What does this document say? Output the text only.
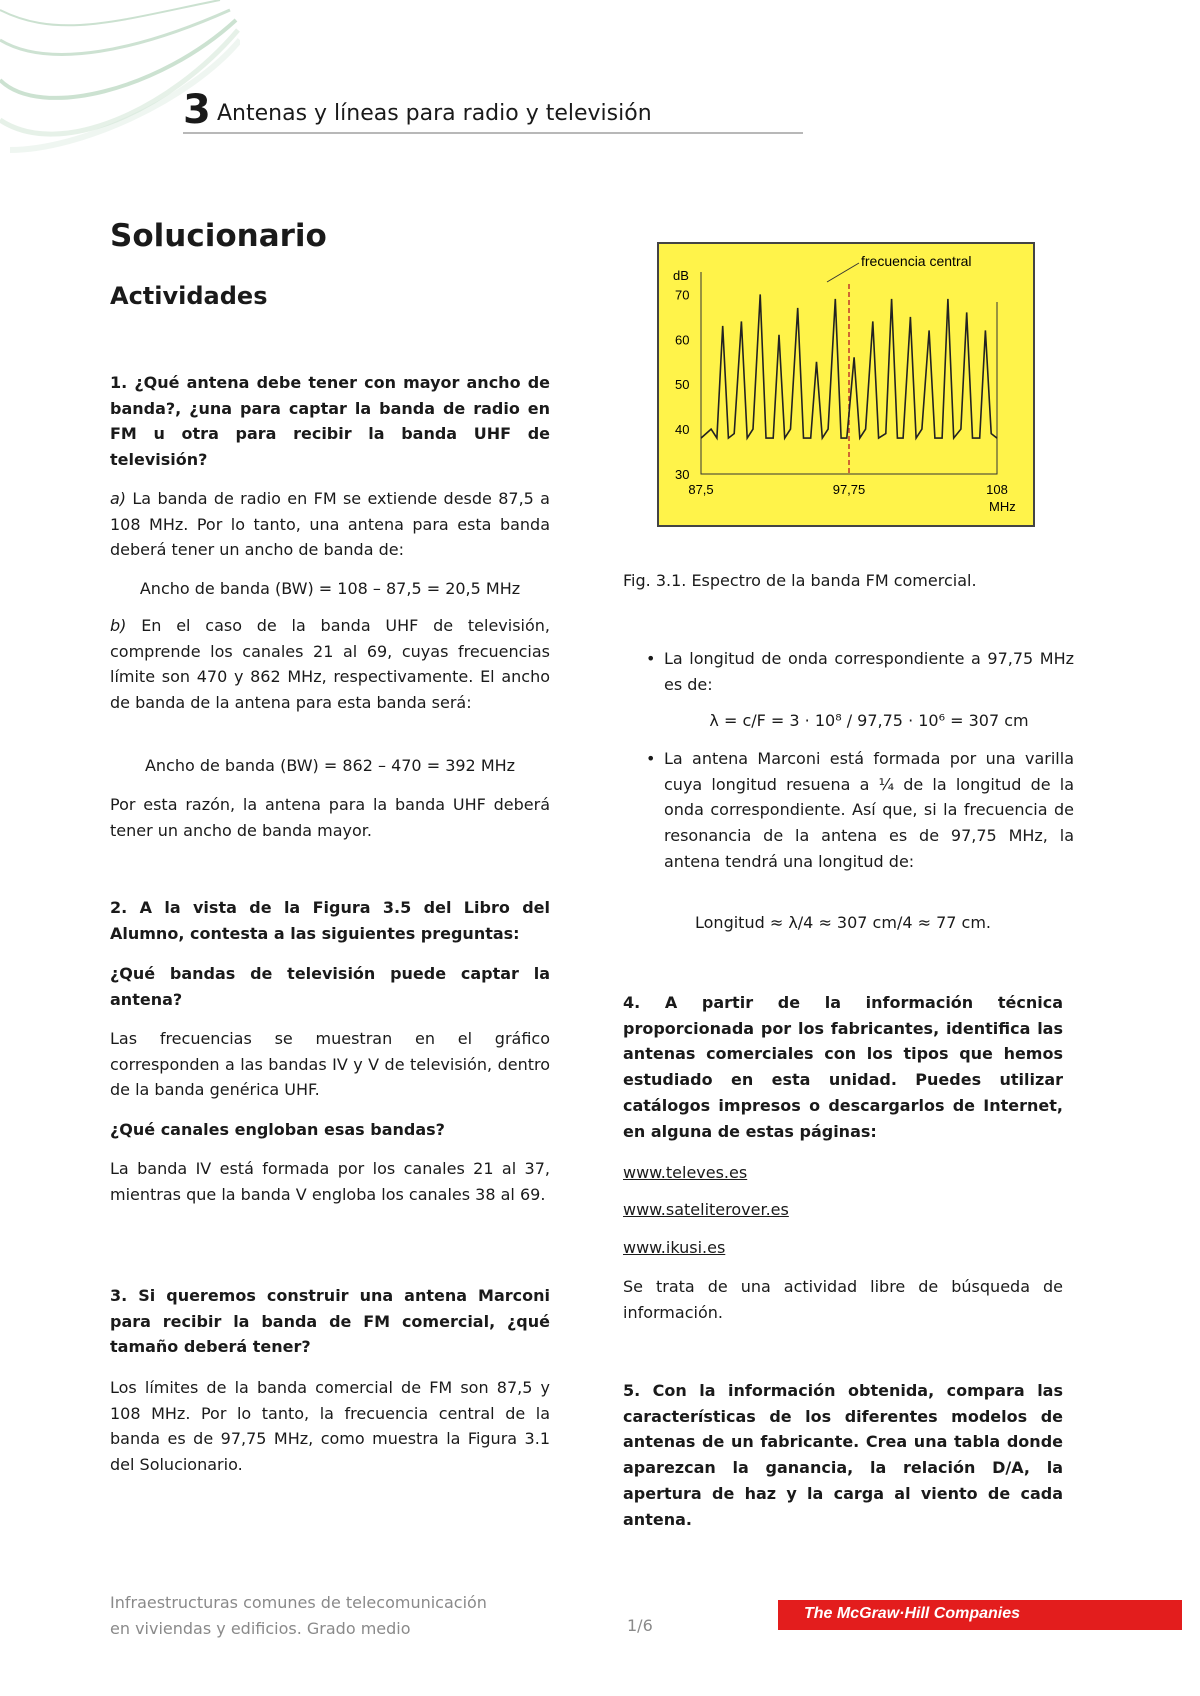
3 Antenas y líneas para radio y televisión
Solucionario
Actividades

1. ¿Qué antena debe tener con mayor ancho de banda?, ¿una para captar la banda de radio en FM u otra para recibir la banda UHF de televisión?

a) La banda de radio en FM se extiende desde 87,5 a 108 MHz. Por lo tanto, una antena para esta banda deberá tener un ancho de banda de:

Ancho de banda (BW) = 108 – 87,5 = 20,5 MHz

b) En el caso de la banda UHF de televisión, comprende los canales 21 al 69, cuyas frecuencias límite son 470 y 862 MHz, respectivamente. El ancho de banda de la antena para esta banda será:

Ancho de banda (BW) = 862 – 470 = 392 MHz

Por esta razón, la antena para la banda UHF deberá tener un ancho de banda mayor.

2. A la vista de la Figura 3.5 del Libro del Alumno, contesta a las siguientes preguntas:

¿Qué bandas de televisión puede captar la antena?

Las frecuencias se muestran en el gráfico corresponden a las bandas IV y V de televisión, dentro de la banda genérica UHF.

¿Qué canales engloban esas bandas?

La banda IV está formada por los canales 21 al 37, mientras que la banda V engloba los canales 38 al 69.

3. Si queremos construir una antena Marconi para recibir la banda de FM comercial, ¿qué tamaño deberá tener?

Los límites de la banda comercial de FM son 87,5 y 108 MHz. Por lo tanto, la frecuencia central de la banda es de 97,75 MHz, como muestra la Figura 3.1 del Solucionario.

dB
MHz
frecuencia central
30
40
50
60
70
87,5	97,75	108

Fig. 3.1. Espectro de la banda FM comercial.

• La longitud de onda correspondiente a 97,75 MHz es de:

λ = c/F = 3 · 10⁸ / 97,75 · 10⁶ = 307 cm

• La antena Marconi está formada por una varilla cuya longitud resuena a ¼ de la longitud de la onda correspondiente. Así que, si la frecuencia de resonancia de la antena es de 97,75 MHz, la antena tendrá una longitud de:

Longitud ≈ λ/4 ≈ 307 cm/4 ≈ 77 cm.

4. A partir de la información técnica proporcionada por los fabricantes, identifica las antenas comerciales con los tipos que hemos estudiado en esta unidad. Puedes utilizar catálogos impresos o descargarlos de Internet, en alguna de estas páginas:

www.televes.es
www.sateliterover.es
www.ikusi.es

Se trata de una actividad libre de búsqueda de información.

5. Con la información obtenida, compara las características de los diferentes modelos de antenas de un fabricante. Crea una tabla donde aparezcan la ganancia, la relación D/A, la apertura de haz y la carga al viento de cada antena.

Infraestructuras comunes de telecomunicación
en viviendas y edificios. Grado medio	1/6
The McGraw·Hill Companies
